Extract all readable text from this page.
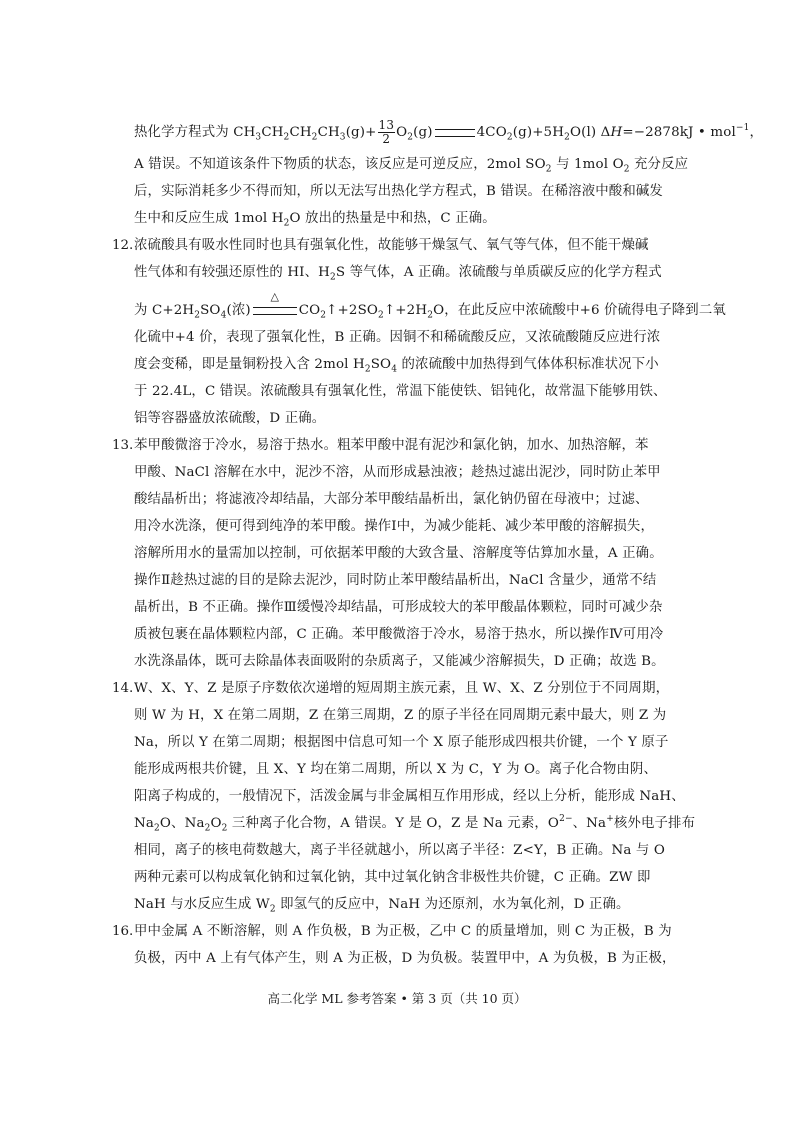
热化学方程式为 $CH_3CH_2CH_2CH_3(g)+ \frac{13}{2} O_2(g)$	$4CO_2(g)+5H_2O(l)$ ΔH=−2878kJ • mol$^{-1}$，
A 错误。不知道该条件下物质的状态，该反应是可逆反应，2mol $SO_2$ 与 1mol $O_2$ 充分反应
后，实际消耗多少不得而知，所以无法写出热化学方程式，B 错误。在稀溶液中酸和碱发
生中和反应生成 1mol $H_2O$ 放出的热量是中和热，C 正确。
12. 浓硫酸具有吸水性同时也具有强氧化性，故能够干燥氢气、氧气等气体，但不能干燥碱
性气体和有较强还原性的 HI、$H_2S$ 等气体，A 正确。浓硫酸与单质碳反应的化学方程式
为 $C+2H_2SO_4$(浓)
△
$CO_2↑+2SO_2↑+2H_2O$，在此反应中浓硫酸中+6 价硫得电子降到二氧
化硫中+4 价，表现了强氧化性，B 正确。因铜不和稀硫酸反应，又浓硫酸随反应进行浓
度会变稀，即是量铜粉投入含 2mol $H_2SO_4$ 的浓硫酸中加热得到气体体积标准状况下小
于 22.4L，C 错误。浓硫酸具有强氧化性，常温下能使铁、铝钝化，故常温下能够用铁、
铝等容器盛放浓硫酸，D 正确。
13. 苯甲酸微溶于冷水，易溶于热水。粗苯甲酸中混有泥沙和氯化钠，加水、加热溶解，苯
甲酸、NaCl 溶解在水中，泥沙不溶，从而形成悬浊液；趁热过滤出泥沙，同时防止苯甲
酸结晶析出；将滤液冷却结晶，大部分苯甲酸结晶析出，氯化钠仍留在母液中；过滤、
用冷水洗涤，便可得到纯净的苯甲酸。操作Ⅰ中，为减少能耗、减少苯甲酸的溶解损失，
溶解所用水的量需加以控制，可依据苯甲酸的大致含量、溶解度等估算加水量，A 正确。
操作Ⅱ趁热过滤的目的是除去泥沙，同时防止苯甲酸结晶析出，NaCl 含量少，通常不结
晶析出，B 不正确。操作Ⅲ缓慢冷却结晶，可形成较大的苯甲酸晶体颗粒，同时可减少杂
质被包裹在晶体颗粒内部，C 正确。苯甲酸微溶于冷水，易溶于热水，所以操作Ⅳ可用冷
水洗涤晶体，既可去除晶体表面吸附的杂质离子，又能减少溶解损失，D 正确；故选 B。
14. W、X、Y、Z 是原子序数依次递增的短周期主族元素，且 W、X、Z 分别位于不同周期，
则 W 为 H，X 在第二周期，Z 在第三周期，Z 的原子半径在同周期元素中最大，则 Z 为
Na，所以 Y 在第二周期；根据图中信息可知一个 X 原子能形成四根共价键，一个 Y 原子
能形成两根共价键，且 X、Y 均在第二周期，所以 X 为 C，Y 为 O。离子化合物由阴、
阳离子构成的，一般情况下，活泼金属与非金属相互作用形成，经以上分析，能形成 NaH、
$Na_2O$、$Na_2O_2$ 三种离子化合物，A 错误。Y 是 O，Z 是 Na 元素，$O^{2-}$、Na+核外电子排布
相同，离子的核电荷数越大，离子半径就越小，所以离子半径：Z<Y，B 正确。Na 与 O
两种元素可以构成氧化钠和过氧化钠，其中过氧化钠含非极性共价键，C 正确。ZW 即
NaH 与水反应生成 $W_2$ 即氢气的反应中，NaH 为还原剂，水为氧化剂，D 正确。
16. 甲中金属 A 不断溶解，则 A 作负极，B 为正极，乙中 C 的质量增加，则 C 为正极，B 为
负极，丙中 A 上有气体产生，则 A 为正极，D 为负极。装置甲中，A 为负极，B 为正极，
高二化学 ML 参考答案 • 第 3 页（共 10 页）
